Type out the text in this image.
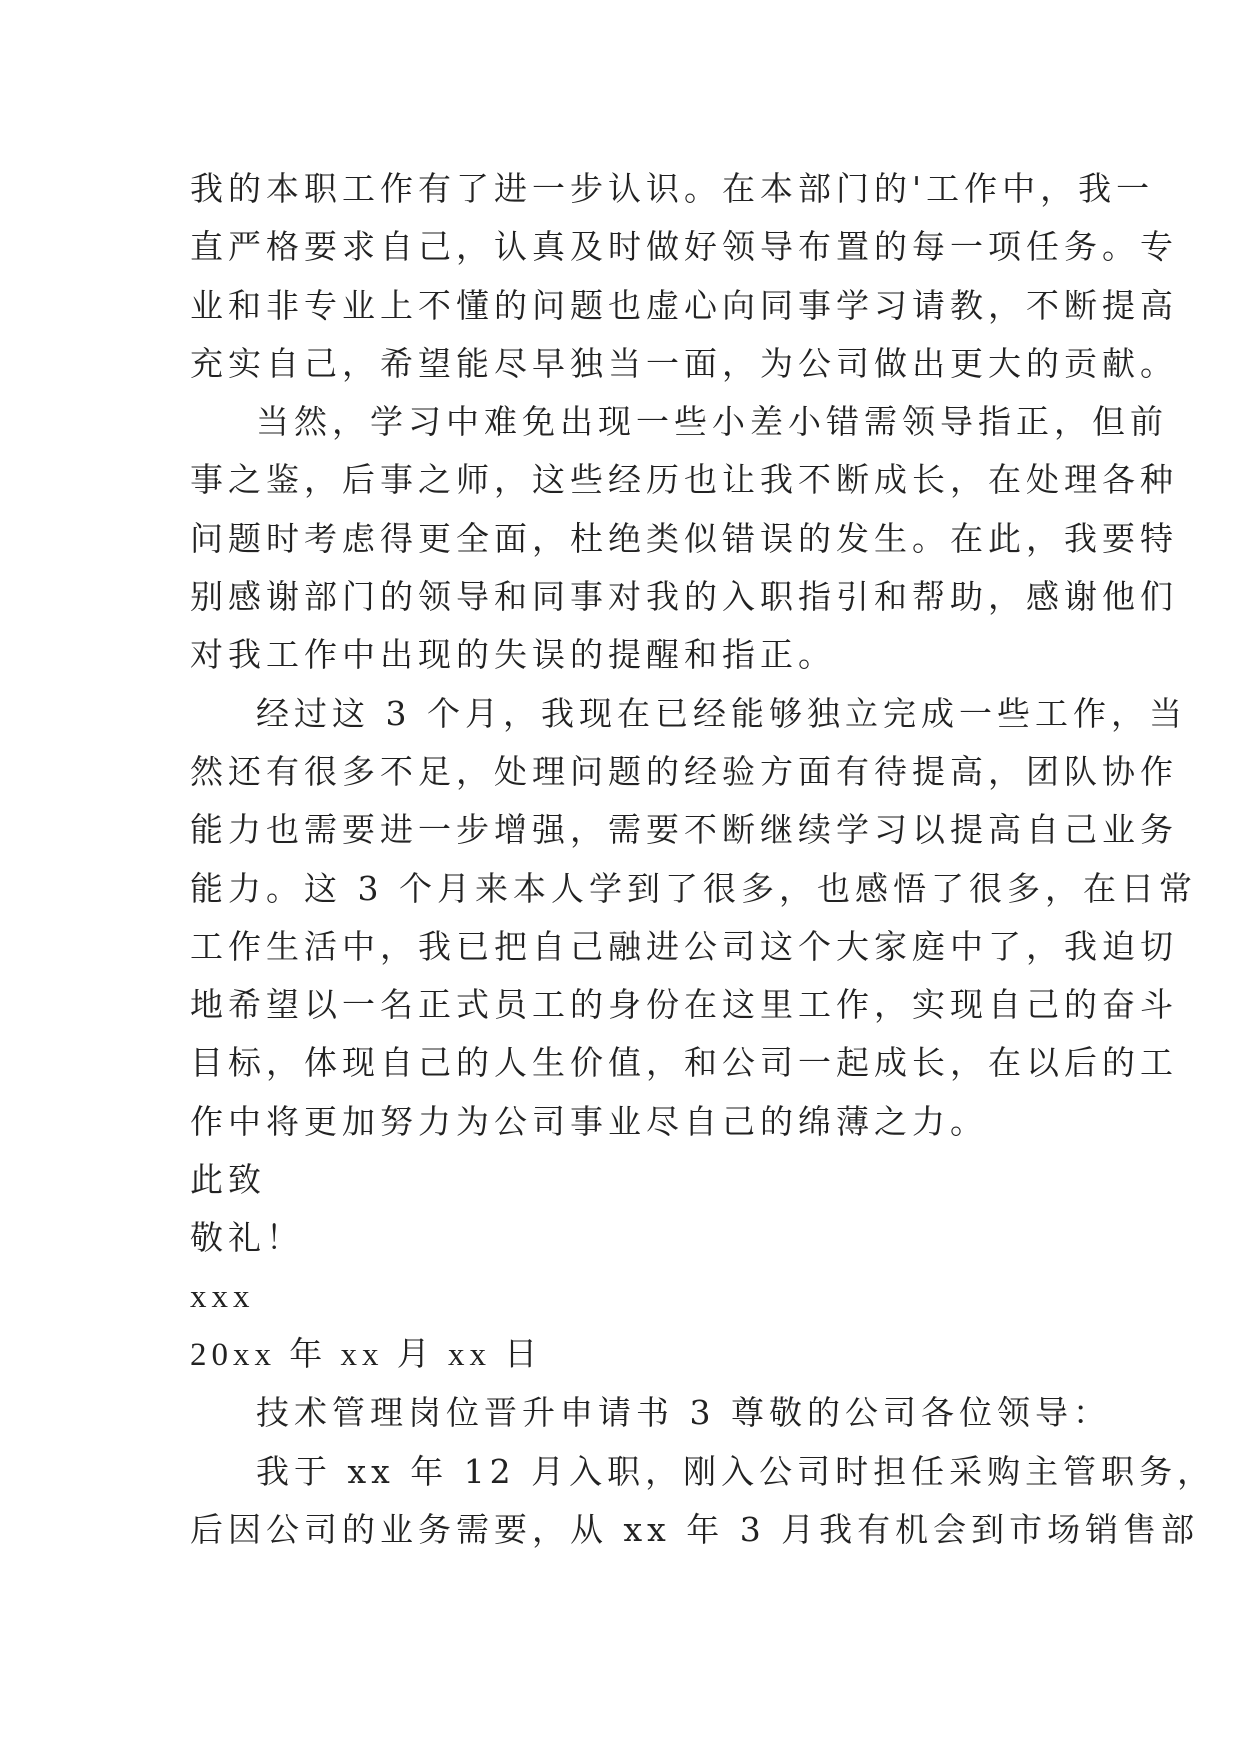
我的本职工作有了进一步认识。在本部门的'工作中，我一
直严格要求自己，认真及时做好领导布置的每一项任务。专
业和非专业上不懂的问题也虚心向同事学习请教，不断提高
充实自己，希望能尽早独当一面，为公司做出更大的贡献。
当然，学习中难免出现一些小差小错需领导指正，但前
事之鉴，后事之师，这些经历也让我不断成长，在处理各种
问题时考虑得更全面，杜绝类似错误的发生。在此，我要特
别感谢部门的领导和同事对我的入职指引和帮助，感谢他们
对我工作中出现的失误的提醒和指正。
经过这 3 个月，我现在已经能够独立完成一些工作，当
然还有很多不足，处理问题的经验方面有待提高，团队协作
能力也需要进一步增强，需要不断继续学习以提高自己业务
能力。这 3 个月来本人学到了很多，也感悟了很多，在日常
工作生活中，我已把自己融进公司这个大家庭中了，我迫切
地希望以一名正式员工的身份在这里工作，实现自己的奋斗
目标，体现自己的人生价值，和公司一起成长，在以后的工
作中将更加努力为公司事业尽自己的绵薄之力。
此致
敬礼！
xxx
20xx 年 xx 月 xx 日
技术管理岗位晋升申请书 3 尊敬的公司各位领导：
我于 xx 年 12 月入职，刚入公司时担任采购主管职务，
后因公司的业务需要，从 xx 年 3 月我有机会到市场销售部
